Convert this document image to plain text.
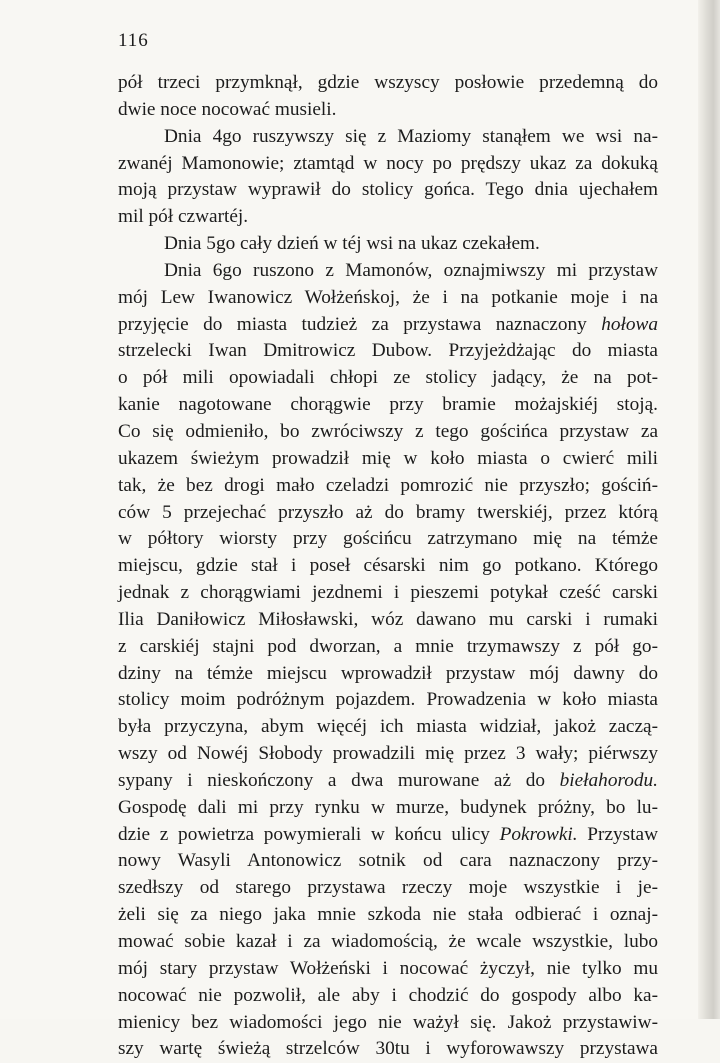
116
pół trzeci przymknął, gdzie wszyscy posłowie przedemną do
dwie noce nocować musieli.
Dnia 4go ruszywszy się z Maziomy stanąłem we wsi na-
zwanéj Mamonowie; ztamtąd w nocy po prędszy ukaz za dokuką
moją przystaw wyprawił do stolicy gońca. Tego dnia ujechałem
mil pół czwartéj.
Dnia 5go cały dzień w téj wsi na ukaz czekałem.
Dnia 6go ruszono z Mamonów, oznajmiwszy mi przystaw
mój Lew Iwanowicz Wołżeńskoj, że i na potkanie moje i na
przyjęcie do miasta tudzież za przystawa naznaczony hołowa
strzelecki Iwan Dmitrowicz Dubow. Przyjeżdżając do miasta
o pół mili opowiadali chłopi ze stolicy jadący, że na pot-
kanie nagotowane chorągwie przy bramie możajskiéj stoją.
Co się odmieniło, bo zwróciwszy z tego gościńca przystaw za
ukazem świeżym prowadził mię w koło miasta o cwierć mili
tak, że bez drogi mało czeladzi pomrozić nie przyszło; gościń-
ców 5 przejechać przyszło aż do bramy twerskiéj, przez którą
w półtory wiorsty przy gościńcu zatrzymano mię na témże
miejscu, gdzie stał i poseł césarski nim go potkano. Którego
jednak z chorągwiami jezdnemi i pieszemi potykał cześć carski
Ilia Daniłowicz Miłosławski, wóz dawano mu carski i rumaki
z carskiéj stajni pod dworzan, a mnie trzymawszy z pół go-
dziny na témże miejscu wprowadził przystaw mój dawny do
stolicy moim podróżnym pojazdem. Prowadzenia w koło miasta
była przyczyna, abym więcéj ich miasta widział, jakoż zaczą-
wszy od Nowéj Słobody prowadzili mię przez 3 wały; piérwszy
sypany i nieskończony a dwa murowane aż do biełahorodu.
Gospodę dali mi przy rynku w murze, budynek próżny, bo lu-
dzie z powietrza powymierali w końcu ulicy Pokrowki. Przystaw
nowy Wasyli Antonowicz sotnik od cara naznaczony przy-
szedłszy od starego przystawa rzeczy moje wszystkie i je-
żeli się za niego jaka mnie szkoda nie stała odbierać i oznaj-
mować sobie kazał i za wiadomością, że wcale wszystkie, lubo
mój stary przystaw Wołżeński i nocować życzył, nie tylko mu
nocować nie pozwolił, ale aby i chodzić do gospody albo ka-
mienicy bez wiadomości jego nie ważył się. Jakoż przystawiw-
szy wartę świeżą strzelców 30tu i wyforowawszy przystawa
